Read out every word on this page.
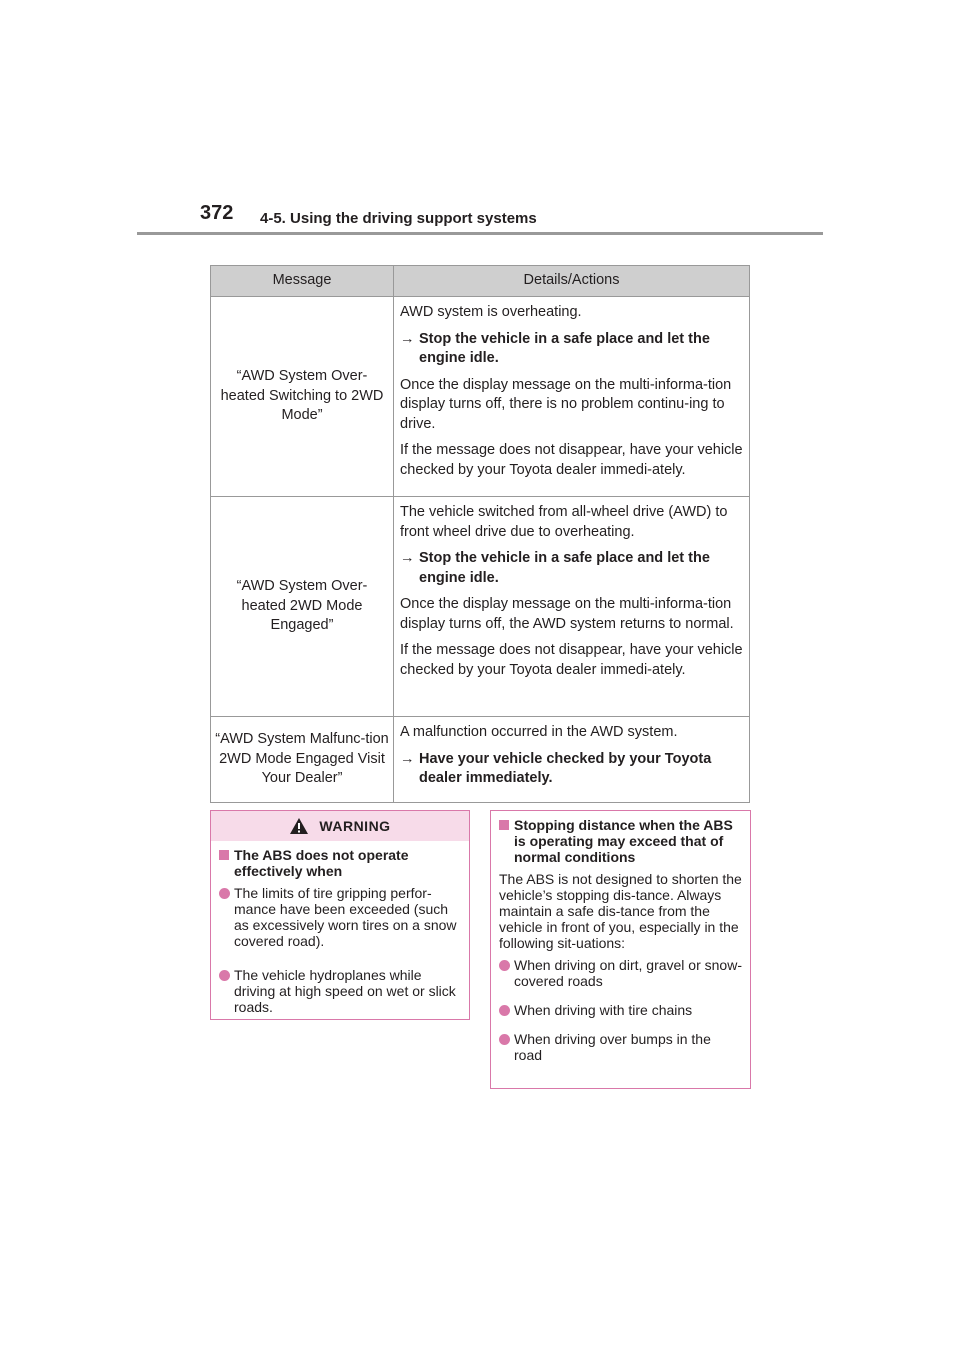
372 4-5. Using the driving support systems
Message	Details/Actions
“AWD System Over-heated Switching to 2WD Mode”	AWD system is overheating.

→ Stop the vehicle in a safe place and let the engine idle.

Once the display message on the multi-informa-tion display turns off, there is no problem continu-ing to drive.

If the message does not disappear, have your vehicle checked by your Toyota dealer immedi-ately.

“AWD System Over-heated 2WD Mode Engaged”	The vehicle switched from all-wheel drive (AWD) to front wheel drive due to overheating.

→ Stop the vehicle in a safe place and let the engine idle.

Once the display message on the multi-informa-tion display turns off, the AWD system returns to normal.

If the message does not disappear, have your vehicle checked by your Toyota dealer immedi-ately.

“AWD System Malfunc-tion 2WD Mode Engaged Visit Your Dealer”	A malfunction occurred in the AWD system.

→ Have your vehicle checked by your Toyota dealer immediately.
WARNING
The ABS does not operate effectively when
The limits of tire gripping perfor-mance have been exceeded (such as excessively worn tires on a snow covered road).
The vehicle hydroplanes while driving at high speed on wet or slick roads.
Stopping distance when the ABS is operating may exceed that of normal conditions

The ABS is not designed to shorten the vehicle’s stopping dis-tance. Always maintain a safe dis-tance from the vehicle in front of you, especially in the following sit-uations:

When driving on dirt, gravel or snow-covered roads
When driving with tire chains
When driving over bumps in the road
